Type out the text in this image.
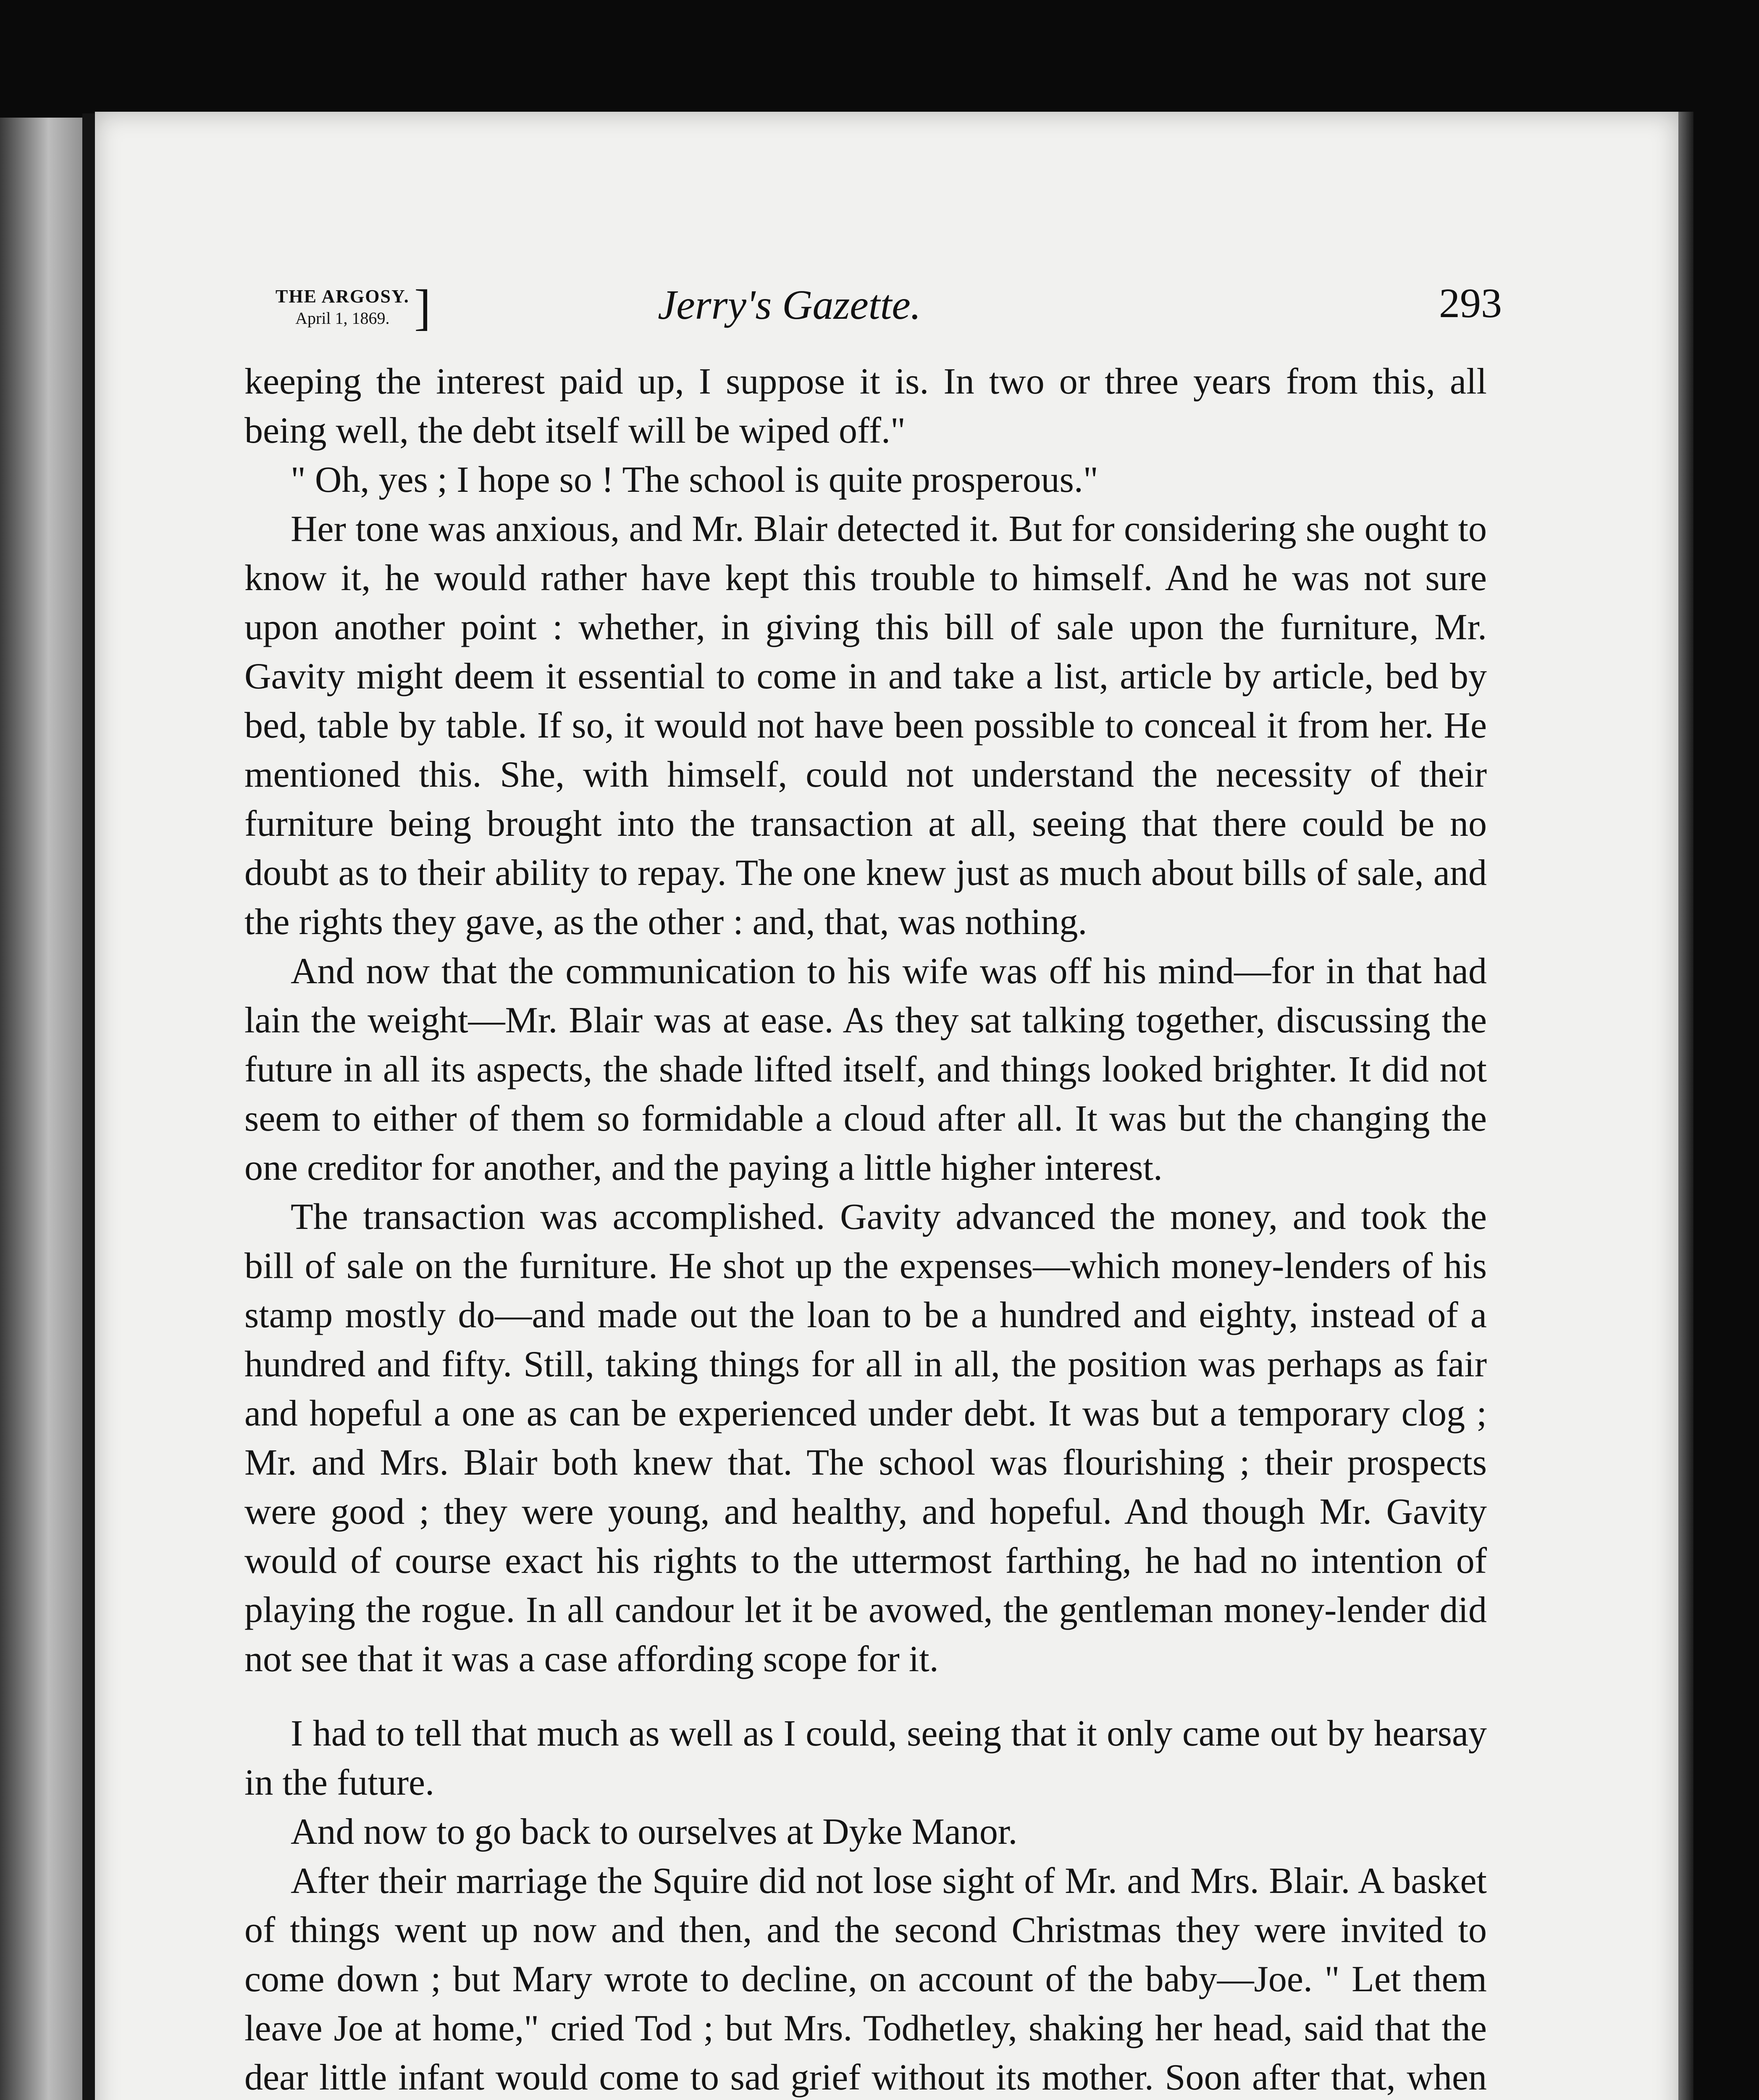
THE ARGOSY.
April 1, 1869. ]	Jerry's Gazette.	293

keeping the interest paid up, I suppose it is. In two or three years from this, all being well, the debt itself will be wiped off."

" Oh, yes ; I hope so ! The school is quite prosperous."

Her tone was anxious, and Mr. Blair detected it. But for considering she ought to know it, he would rather have kept this trouble to himself. And he was not sure upon another point : whether, in giving this bill of sale upon the furniture, Mr. Gavity might deem it essential to come in and take a list, article by article, bed by bed, table by table. If so, it would not have been possible to conceal it from her. He mentioned this. She, with himself, could not understand the necessity of their furniture being brought into the transaction at all, seeing that there could be no doubt as to their ability to repay. The one knew just as much about bills of sale, and the rights they gave, as the other : and, that, was nothing.

And now that the communication to his wife was off his mind—for in that had lain the weight—Mr. Blair was at ease. As they sat talking together, discussing the future in all its aspects, the shade lifted itself, and things looked brighter. It did not seem to either of them so formidable a cloud after all. It was but the changing the one creditor for another, and the paying a little higher interest.

The transaction was accomplished. Gavity advanced the money, and took the bill of sale on the furniture. He shot up the expenses—which money-lenders of his stamp mostly do—and made out the loan to be a hundred and eighty, instead of a hundred and fifty. Still, taking things for all in all, the position was perhaps as fair and hopeful a one as can be experienced under debt. It was but a temporary clog ; Mr. and Mrs. Blair both knew that. The school was flourishing ; their prospects were good ; they were young, and healthy, and hopeful. And though Mr. Gavity would of course exact his rights to the uttermost farthing, he had no intention of playing the rogue. In all candour let it be avowed, the gentleman money-lender did not see that it was a case affording scope for it.

I had to tell that much as well as I could, seeing that it only came out by hearsay in the future.

And now to go back to ourselves at Dyke Manor.

After their marriage the Squire did not lose sight of Mr. and Mrs. Blair. A basket of things went up now and then, and the second Christmas they were invited to come down ; but Mary wrote to decline, on account of the baby—Joe. " Let them leave Joe at home," cried Tod ; but Mrs. Todhetley, shaking her head, said that the dear little infant would come to sad grief without its mother. Soon after that, when
